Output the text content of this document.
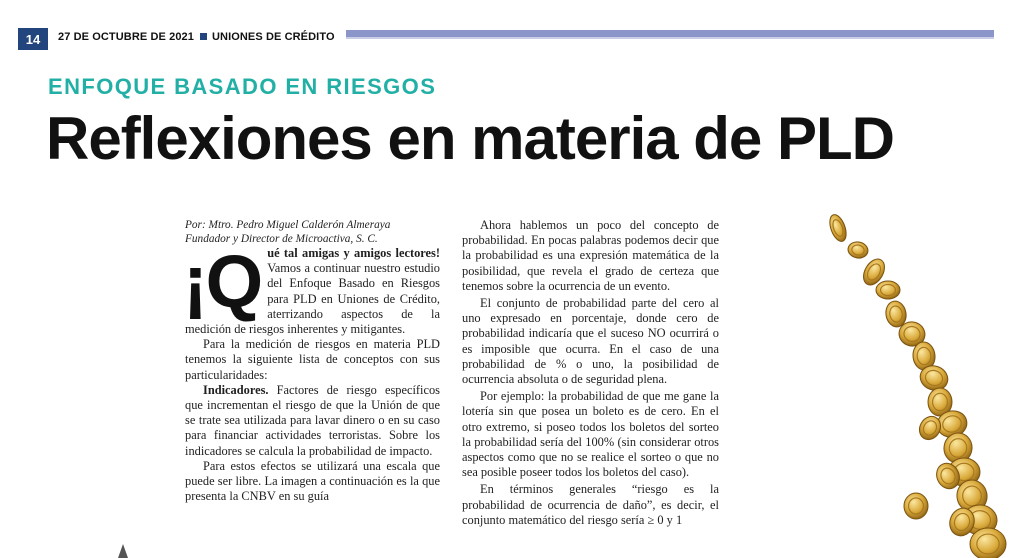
14	27 DE OCTUBRE DE 2021 UNIONES DE CRÉDITO
ENFOQUE BASADO EN RIESGOS
Reflexiones en materia de PLD

Por: Mtro. Pedro Miguel Calderón Almeraya
Fundador y Director de Microactiva, S. C.

¡Q ué tal amigas y amigos lectores! Vamos a continuar nuestro estudio del Enfoque Basado en Riesgos para PLD en Uniones de Crédito, aterrizando aspectos de la medición de riesgos inherentes y mitigantes.

Para la medición de riesgos en materia PLD tenemos la siguiente lista de conceptos con sus particularidades:

Indicadores. Factores de riesgo específicos que incrementan el riesgo de que la Unión de que se trate sea utilizada para lavar dinero o en su caso para financiar actividades terroristas. Sobre los indicadores se calcula la probabilidad de impacto.

Para estos efectos se utilizará una escala que puede ser libre. La imagen a continuación es la que presenta la CNBV en su guía

Ahora hablemos un poco del concepto de probabilidad. En pocas palabras podemos decir que la probabilidad es una expresión matemática de la posibilidad, que revela el grado de certeza que tenemos sobre la ocurrencia de un evento.

El conjunto de probabilidad parte del cero al uno expresado en porcentaje, donde cero de probabilidad indicaría que el suceso NO ocurrirá o es imposible que ocurra. En el caso de una probabilidad de % o uno, la posibilidad de ocurrencia absoluta o de seguridad plena.

Por ejemplo: la probabilidad de que me gane la lotería sin que posea un boleto es de cero. En el otro extremo, si poseo todos los boletos del sorteo la probabilidad sería del 100% (sin considerar otros aspectos como que no se realice el sorteo o que no sea posible poseer todos los boletos del caso).

En términos generales “riesgo es la probabilidad de ocurrencia de daño”, es decir, el conjunto matemático del riesgo sería ≥ 0 y 1
